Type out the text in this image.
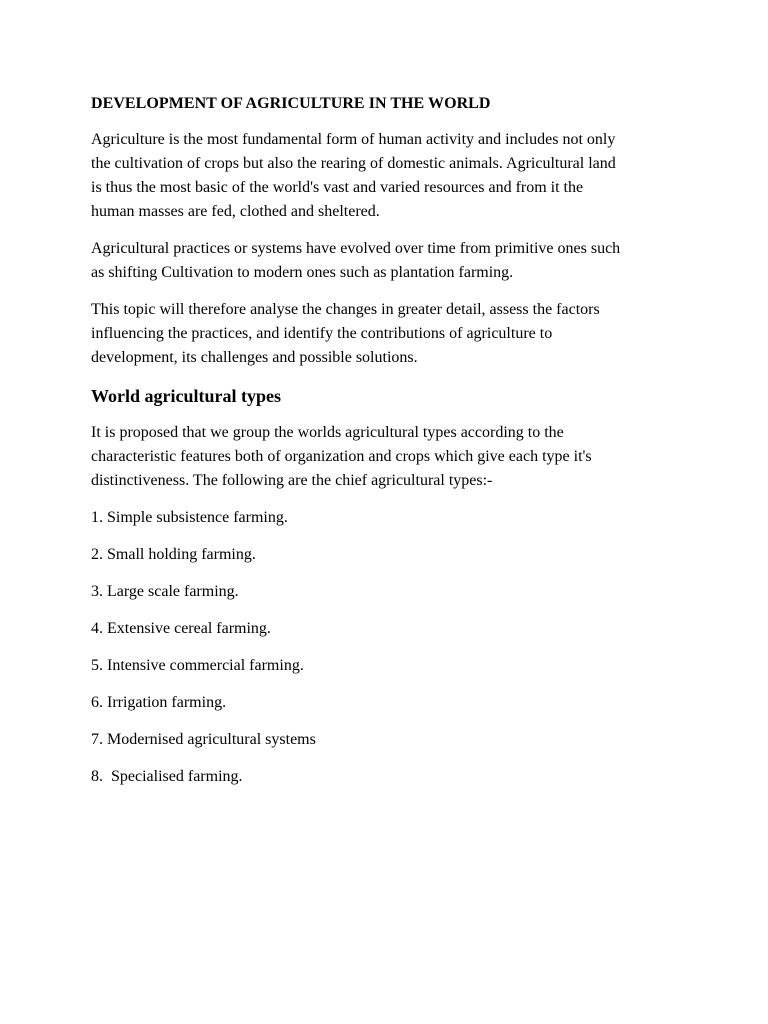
DEVELOPMENT OF AGRICULTURE IN THE WORLD

Agriculture is the most fundamental form of human activity and includes not only
the cultivation of crops but also the rearing of domestic animals. Agricultural land
is thus the most basic of the world's vast and varied resources and from it the
human masses are fed, clothed and sheltered.

Agricultural practices or systems have evolved over time from primitive ones such
as shifting Cultivation to modern ones such as plantation farming.

This topic will therefore analyse the changes in greater detail, assess the factors
influencing the practices, and identify the contributions of agriculture to
development, its challenges and possible solutions.

World agricultural types

It is proposed that we group the worlds agricultural types according to the
characteristic features both of organization and crops which give each type it's
distinctiveness. The following are the chief agricultural types:-

1. Simple subsistence farming.
2. Small holding farming.
3. Large scale farming.
4. Extensive cereal farming.
5. Intensive commercial farming.
6. Irrigation farming.
7. Modernised agricultural systems
8.  Specialised farming.
